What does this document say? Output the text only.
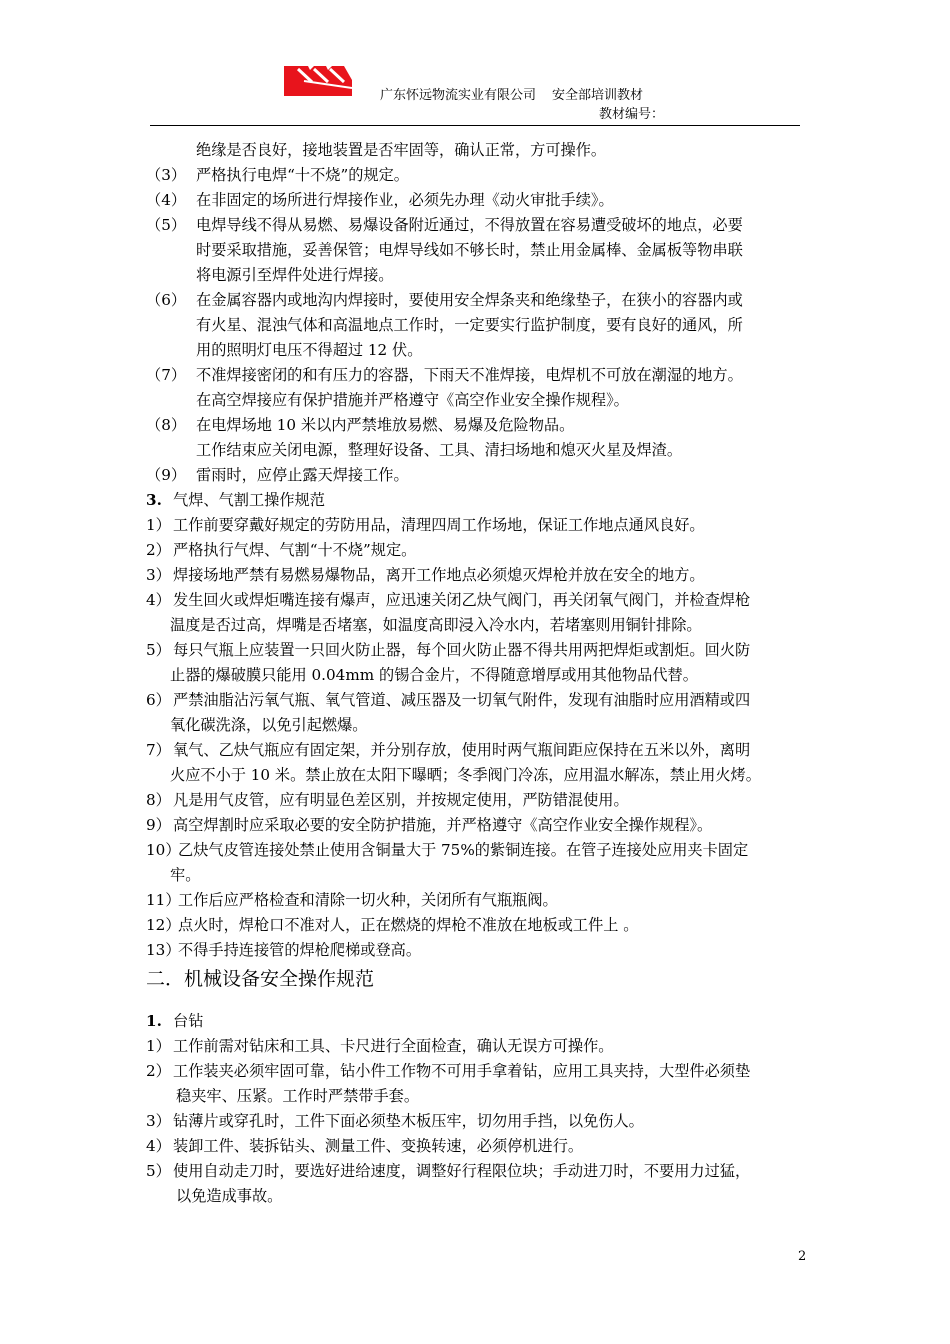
广东怀远物流实业有限公司 安全部培训教材
教材编号：
绝缘是否良好，接地装置是否牢固等，确认正常，方可操作。
（3） 严格执行电焊“十不烧”的规定。
（4） 在非固定的场所进行焊接作业，必须先办理《动火审批手续》。
（5） 电焊导线不得从易燃、易爆设备附近通过，不得放置在容易遭受破坏的地点，必要
时要采取措施，妥善保管；电焊导线如不够长时，禁止用金属棒、金属板等物串联
将电源引至焊件处进行焊接。
（6） 在金属容器内或地沟内焊接时，要使用安全焊条夹和绝缘垫子，在狭小的容器内或
有火星、混浊气体和高温地点工作时，一定要实行监护制度，要有良好的通风，所
用的照明灯电压不得超过 12 伏。
（7） 不准焊接密闭的和有压力的容器，下雨天不准焊接，电焊机不可放在潮湿的地方。
在高空焊接应有保护措施并严格遵守《高空作业安全操作规程》。
（8） 在电焊场地 10 米以内严禁堆放易燃、易爆及危险物品。
工作结束应关闭电源，整理好设备、工具、清扫场地和熄灭火星及焊渣。
（9） 雷雨时，应停止露天焊接工作。
3. 气焊、气割工操作规范
1） 工作前要穿戴好规定的劳防用品，清理四周工作场地，保证工作地点通风良好。
2） 严格执行气焊、气割“十不烧”规定。
3） 焊接场地严禁有易燃易爆物品，离开工作地点必须熄灭焊枪并放在安全的地方。
4） 发生回火或焊炬嘴连接有爆声，应迅速关闭乙炔气阀门，再关闭氧气阀门，并检查焊枪
温度是否过高，焊嘴是否堵塞，如温度高即浸入冷水内，若堵塞则用铜针排除。
5） 每只气瓶上应装置一只回火防止器，每个回火防止器不得共用两把焊炬或割炬。回火防
止器的爆破膜只能用 0.04mm 的锡合金片，不得随意增厚或用其他物品代替。
6） 严禁油脂沾污氧气瓶、氧气管道、减压器及一切氧气附件，发现有油脂时应用酒精或四
氧化碳洗涤，以免引起燃爆。
7） 氧气、乙炔气瓶应有固定架，并分别存放，使用时两气瓶间距应保持在五米以外，离明
火应不小于 10 米。禁止放在太阳下曝晒；冬季阀门冷冻，应用温水解冻，禁止用火烤。
8） 凡是用气皮管，应有明显色差区别，并按规定使用，严防错混使用。
9） 高空焊割时应采取必要的安全防护措施，并严格遵守《高空作业安全操作规程》。
10）
乙炔气皮管连接处禁止使用含铜量大于 75%的紫铜连接。在管子连接处应用夹卡固定
牢。
11）
工作后应严格检查和清除一切火种，关闭所有气瓶瓶阀。
12）
点火时，焊枪口不准对人，正在燃烧的焊枪不准放在地板或工件上 。
13）
不得手持连接管的焊枪爬梯或登高。
二．机械设备安全操作规范
1. 台钻
1） 工作前需对钻床和工具、卡尺进行全面检查，确认无误方可操作。
2） 工作装夹必须牢固可靠，钻小件工作物不可用手拿着钻，应用工具夹持，大型件必须垫
稳夹牢、压紧。工作时严禁带手套。
3） 钻薄片或穿孔时，工件下面必须垫木板压牢，切勿用手挡，以免伤人。
4） 装卸工件、装拆钻头、测量工件、变换转速，必须停机进行。
5） 使用自动走刀时，要选好进给速度，调整好行程限位块；手动进刀时，不要用力过猛，
以免造成事故。
2
